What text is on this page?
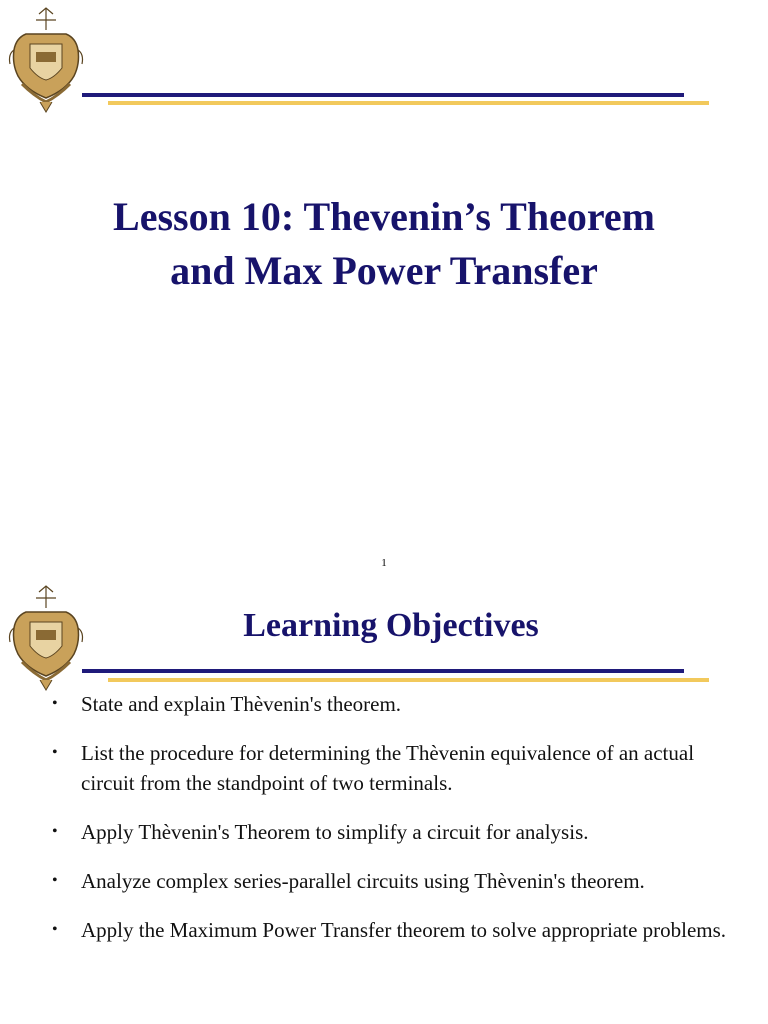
Lesson 10: Thevenin’s Theorem
and Max Power Transfer
1
Learning Objectives
• State and explain Thèvenin's theorem.
• List the procedure for determining the Thèvenin equivalence of an actual circuit from the standpoint of two terminals.
• Apply Thèvenin's Theorem to simplify a circuit for analysis.
• Analyze complex series-parallel circuits using Thèvenin's theorem.
• Apply the Maximum Power Transfer theorem to solve appropriate problems.
